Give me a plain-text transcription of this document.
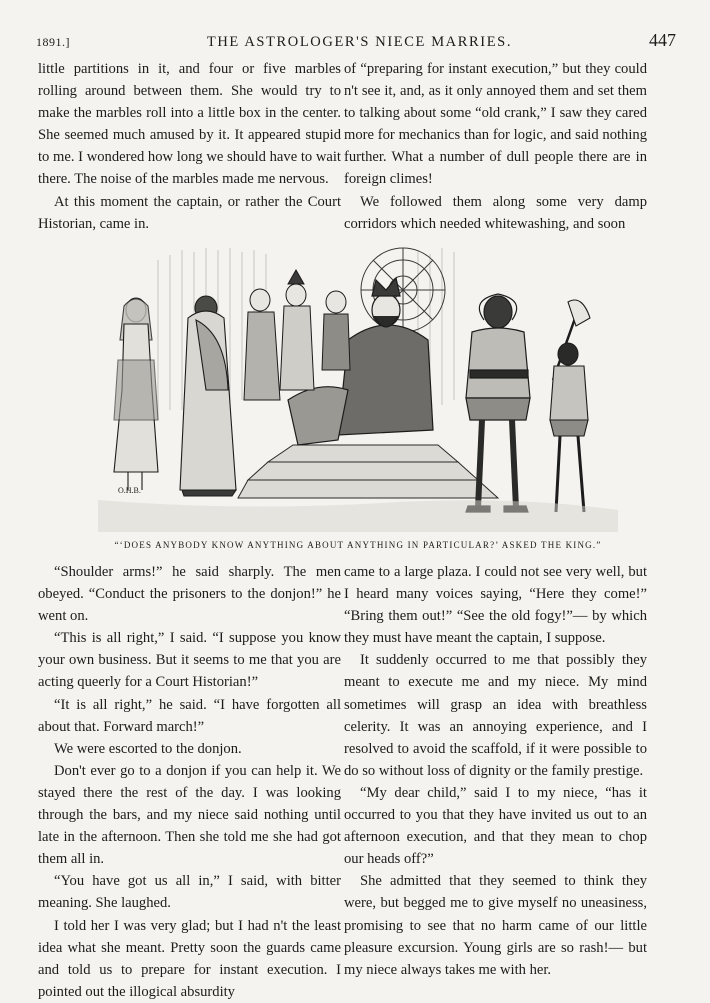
1891.]	THE ASTROLOGER'S NIECE MARRIES.	447

little partitions in it, and four or five marbles rolling around between them. She would try to make the marbles roll into a little box in the center. She seemed much amused by it. It appeared stupid to me. I wondered how long we should have to wait there. The noise of the marbles made me nervous.

At this moment the captain, or rather the Court Historian, came in.

of “preparing for instant execution,” but they could n't see it, and, as it only annoyed them and set them to talking about some “old crank,” I saw they cared more for mechanics than for logic, and said nothing further. What a number of dull people there are in foreign climes!

We followed them along some very damp corridors which needed whitewashing, and soon

O.H.B.
“‘DOES ANYBODY KNOW ANYTHING ABOUT ANYTHING IN PARTICULAR?’ ASKED THE KING.”

“Shoulder arms!” he said sharply. The men obeyed. “Conduct the prisoners to the donjon!” he went on.

“This is all right,” I said. “I suppose you know your own business. But it seems to me that you are acting queerly for a Court Historian!”

“It is all right,” he said. “I have forgotten all about that. Forward march!”

We were escorted to the donjon.

Don't ever go to a donjon if you can help it. We stayed there the rest of the day. I was looking through the bars, and my niece said nothing until late in the afternoon. Then she told me she had got them all in.

“You have got us all in,” I said, with bitter meaning. She laughed.

I told her I was very glad; but I had n't the least idea what she meant. Pretty soon the guards came and told us to prepare for instant execution. I pointed out the illogical absurdity

came to a large plaza. I could not see very well, but I heard many voices saying, “Here they come!” “Bring them out!” “See the old fogy!”— by which they must have meant the captain, I suppose.

It suddenly occurred to me that possibly they meant to execute me and my niece. My mind sometimes will grasp an idea with breathless celerity. It was an annoying experience, and I resolved to avoid the scaffold, if it were possible to do so without loss of dignity or the family prestige.

“My dear child,” said I to my niece, “has it occurred to you that they have invited us out to an afternoon execution, and that they mean to chop our heads off?”

She admitted that they seemed to think they were, but begged me to give myself no uneasiness, promising to see that no harm came of our little pleasure excursion. Young girls are so rash!— but my niece always takes me with her.
